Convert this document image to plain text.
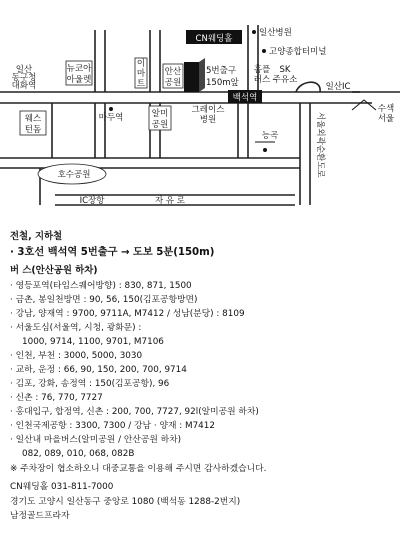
CN웨딩홀
5번출구
150m앞
백석역
일산병원
고양종합터미널
일산
동구청
대화역
뉴코아
아울렛
이
마
트
안산
공원
홈플
러스
SK
주유소
일산IC
수색
서울
웨스
턴돔
마두역	알미
공원
그레이스
병원
능곡	서울외곽순환도로
호수공원
IC장항	자 유 로
전철, 지하철
· 3호선 백석역 5번출구 → 도보 5분(150m)
버 스(안산공원 하차)
· 영등포역(타임스퀘어방향) : 830, 871, 1500
· 금촌, 봉일천방면 : 90, 56, 150(김포공항방면)
· 강남, 양재역 : 9700, 9711A, M7412 / 성남(분당) : 8109
· 서울도심(서울역, 시청, 광화문) :
1000, 9714, 1100, 9701, M7106
· 인천, 부천 : 3000, 5000, 3030
· 교하, 운정 : 66, 90, 150, 200, 700, 9714
· 김포, 강화, 송정역 : 150(김포공항), 96
· 신촌 : 76, 770, 7727
· 홍대입구, 합정역, 신촌 : 200, 700, 7727, 92l(알미공원 하차)
· 인천국제공항 : 3300, 7300 / 강남 · 양재 : M7412
· 일산내 마을버스(알미공원 / 안산공원 하차)
082, 089, 010, 068, 082B
※ 주차장이 협소하오니 대중교통을 이용해 주시면 감사하겠습니다.
CN웨딩홀 031-811-7000
경기도 고양시 일산동구 중앙로 1080 (백석동 1288-2번지)
남정골드프라자
